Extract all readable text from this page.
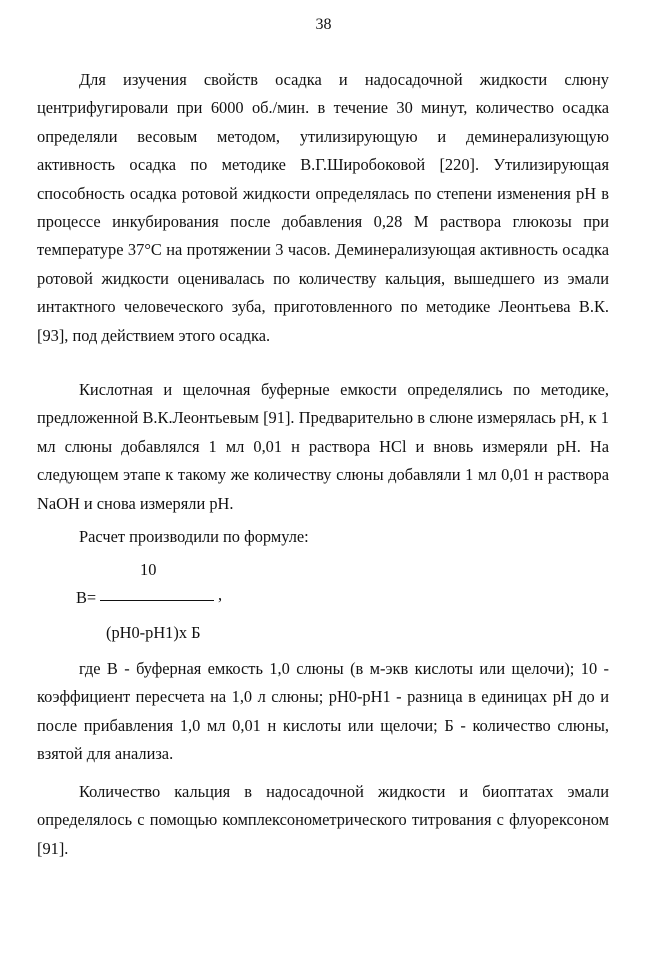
38

Для изучения свойств осадка и надосадочной жидкости слюну центрифугировали при 6000 об./мин. в течение 30 минут, количество осадка определяли весовым методом, утилизирующую и деминерализующую активность осадка по методике В.Г.Широбоковой [220]. Утилизирующая способность осадка ротовой жидкости определялась по степени изменения pH в процессе инкубирования после добавления 0,28 М раствора глюкозы при температуре 37°С на протяжении 3 часов. Деминерализующая активность осадка ротовой жидкости оценивалась по количеству кальция, вышедшего из эмали интактного человеческого зуба, приготовленного по методике Леонтьева В.К. [93], под действием этого осадка.

Кислотная и щелочная буферные емкости определялись по методике, предложенной В.К.Леонтьевым [91]. Предварительно в слюне измерялась рН, к 1 мл слюны добавлялся 1 мл 0,01 н раствора HCl и вновь измеряли рН. На следующем этапе к такому же количеству слюны добавляли 1 мл 0,01 н раствора NaOH и снова измеряли рН.

Расчет производили по формуле:

10
В=	,
(pH0-pH1)х Б

где В - буферная емкость 1,0 слюны (в м-экв кислоты или щелочи); 10 - коэффициент пересчета на 1,0 л слюны; pH0-pH1 - разница в единицах pH до и после прибавления 1,0 мл 0,01 н кислоты или щелочи; Б - количество слюны, взятой для анализа.

Количество кальция в надосадочной жидкости и биоптатах эмали определялось с помощью комплексонометрического титрования с флуорексоном [91].
